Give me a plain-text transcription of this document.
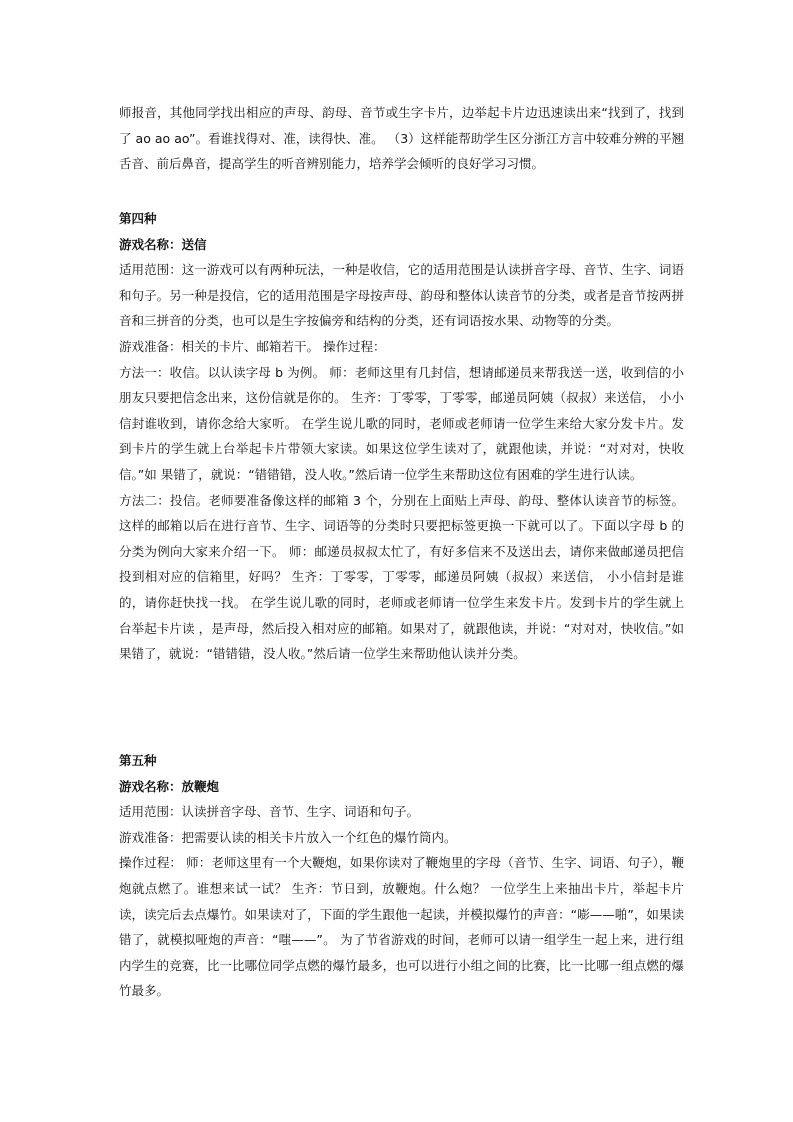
师报音，其他同学找出相应的声母、韵母、音节或生字卡片，边举起卡片边迅速读出来“找到了，找到了 ao ao ao”。看谁找得对、准，读得快、准。 （3）这样能帮助学生区分浙江方言中较难分辨的平翘舌音、前后鼻音，提高学生的听音辨别能力，培养学会倾听的良好学习习惯。

第四种

游戏名称：送信

适用范围：这一游戏可以有两种玩法，一种是收信，它的适用范围是认读拼音字母、音节、生字、词语和句子。另一种是投信，它的适用范围是字母按声母、韵母和整体认读音节的分类，或者是音节按两拼音和三拼音的分类，也可以是生字按偏旁和结构的分类，还有词语按水果、动物等的分类。

游戏准备：相关的卡片、邮箱若干。 操作过程：

方法一：收信。以认读字母 b 为例。 师：老师这里有几封信，想请邮递员来帮我送一送，收到信的小朋友只要把信念出来，这份信就是你的。 生齐：丁零零，丁零零，邮递员阿姨（叔叔）来送信， 小小信封谁收到，请你念给大家听。 在学生说儿歌的同时，老师或老师请一位学生来给大家分发卡片。发到卡片的学生就上台举起卡片带领大家读。如果这位学生读对了，就跟他读，并说：“对对对，快收信。”如 果错了，就说：“错错错，没人收。”然后请一位学生来帮助这位有困难的学生进行认读。

方法二：投信。老师要准备像这样的邮箱 3 个，分别在上面贴上声母、韵母、整体认读音节的标签。这样的邮箱以后在进行音节、生字、词语等的分类时只要把标签更换一下就可以了。下面以字母 b 的分类为例向大家来介绍一下。 师：邮递员叔叔太忙了，有好多信来不及送出去，请你来做邮递员把信投到相对应的信箱里，好吗？ 生齐：丁零零，丁零零，邮递员阿姨（叔叔）来送信， 小小信封是谁的，请你赶快找一找。 在学生说儿歌的同时，老师或老师请一位学生来发卡片。发到卡片的学生就上台举起卡片读 ，是声母，然后投入相对应的邮箱。如果对了，就跟他读，并说：“对对对，快收信。”如果错了，就说：“错错错，没人收。”然后请一位学生来帮助他认读并分类。

第五种

游戏名称：放鞭炮

适用范围：认读拼音字母、音节、生字、词语和句子。

游戏准备：把需要认读的相关卡片放入一个红色的爆竹筒内。

操作过程： 师：老师这里有一个大鞭炮，如果你读对了鞭炮里的字母（音节、生字、词语、句子），鞭炮就点燃了。谁想来试一试？ 生齐：节日到，放鞭炮。什么炮？ 一位学生上来抽出卡片，举起卡片读，读完后去点爆竹。如果读对了，下面的学生跟他一起读，并模拟爆竹的声音：“嘭——啪”，如果读错了，就模拟哑炮的声音：“嗤——”。 为了节省游戏的时间，老师可以请一组学生一起上来，进行组内学生的竞赛，比一比哪位同学点燃的爆竹最多，也可以进行小组之间的比赛，比一比哪一组点燃的爆竹最多。
